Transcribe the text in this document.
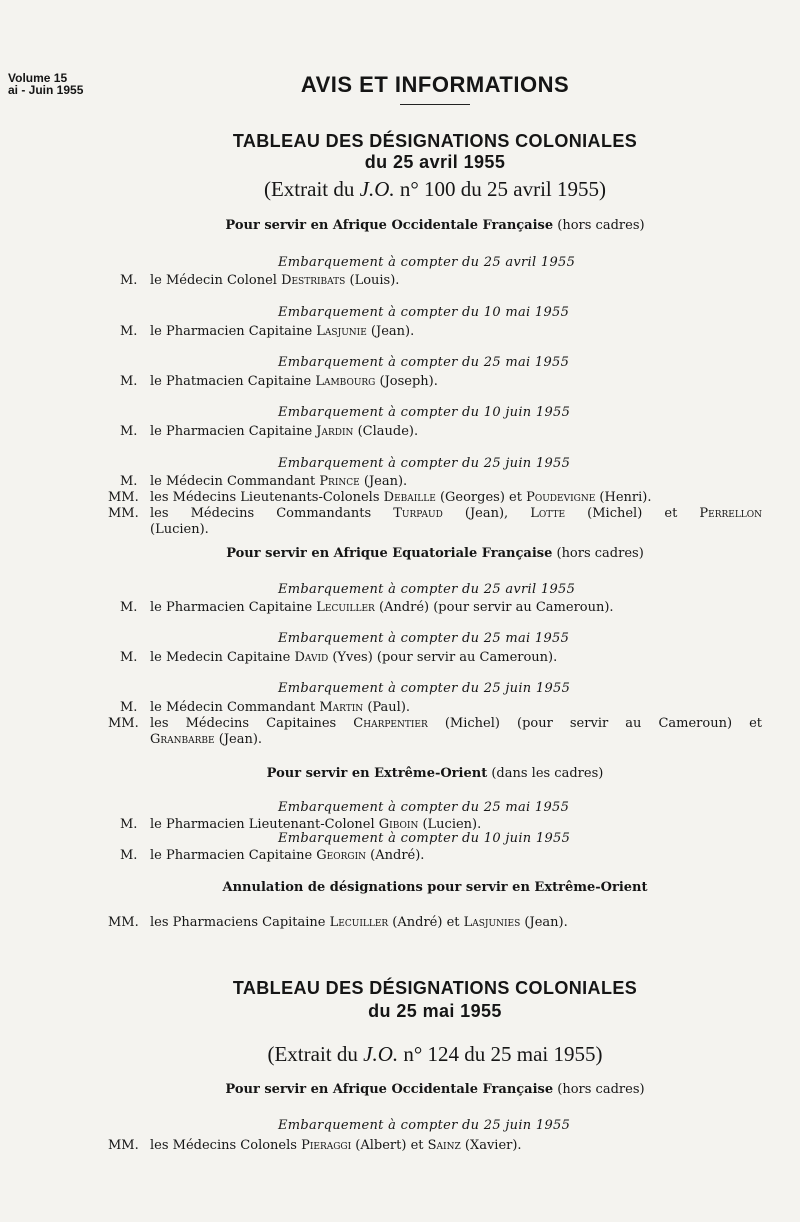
Volume 15
ai - Juin 1955	AVIS ET INFORMATIONS
TABLEAU DES DÉSIGNATIONS COLONIALES
du 25 avril 1955
(Extrait du J.O. n° 100 du 25 avril 1955)
Pour servir en Afrique Occidentale Française (hors cadres)
Embarquement à compter du 25 avril 1955
M. le Médecin Colonel Destribats (Louis).
Embarquement à compter du 10 mai 1955
M. le Pharmacien Capitaine Lasjunie (Jean).
Embarquement à compter du 25 mai 1955
M. le Phatmacien Capitaine Lambourg (Joseph).
Embarquement à compter du 10 juin 1955
M. le Pharmacien Capitaine Jardin (Claude).
Embarquement à compter du 25 juin 1955
M. le Médecin Commandant Prince (Jean).
MM. les Médecins Lieutenants-Colonels Debaille (Georges) et Poudevigne (Henri).
MM. les Médecins Commandants Turpaud (Jean), Lotte (Michel) et Perrellon
(Lucien).
Pour servir en Afrique Equatoriale Française (hors cadres)
Embarquement à compter du 25 avril 1955
M. le Pharmacien Capitaine Lecuiller (André) (pour servir au Cameroun).
Embarquement à compter du 25 mai 1955
M. le Medecin Capitaine David (Yves) (pour servir au Cameroun).
Embarquement à compter du 25 juin 1955
M. le Médecin Commandant Martin (Paul).
MM. les Médecins Capitaines Charpentier (Michel) (pour servir au Cameroun) et
Granbarbe (Jean).
Pour servir en Extrême-Orient (dans les cadres)
Embarquement à compter du 25 mai 1955
M. le Pharmacien Lieutenant-Colonel Giboin (Lucien).
Embarquement à compter du 10 juin 1955
M. le Pharmacien Capitaine Georgin (André).
Annulation de désignations pour servir en Extrême-Orient
MM. les Pharmaciens Capitaine Lecuiller (André) et Lasjunies (Jean).
TABLEAU DES DÉSIGNATIONS COLONIALES
du 25 mai 1955
(Extrait du J.O. n° 124 du 25 mai 1955)
Pour servir en Afrique Occidentale Française (hors cadres)
Embarquement à compter du 25 juin 1955
MM. les Médecins Colonels Pieraggi (Albert) et Sainz (Xavier).
